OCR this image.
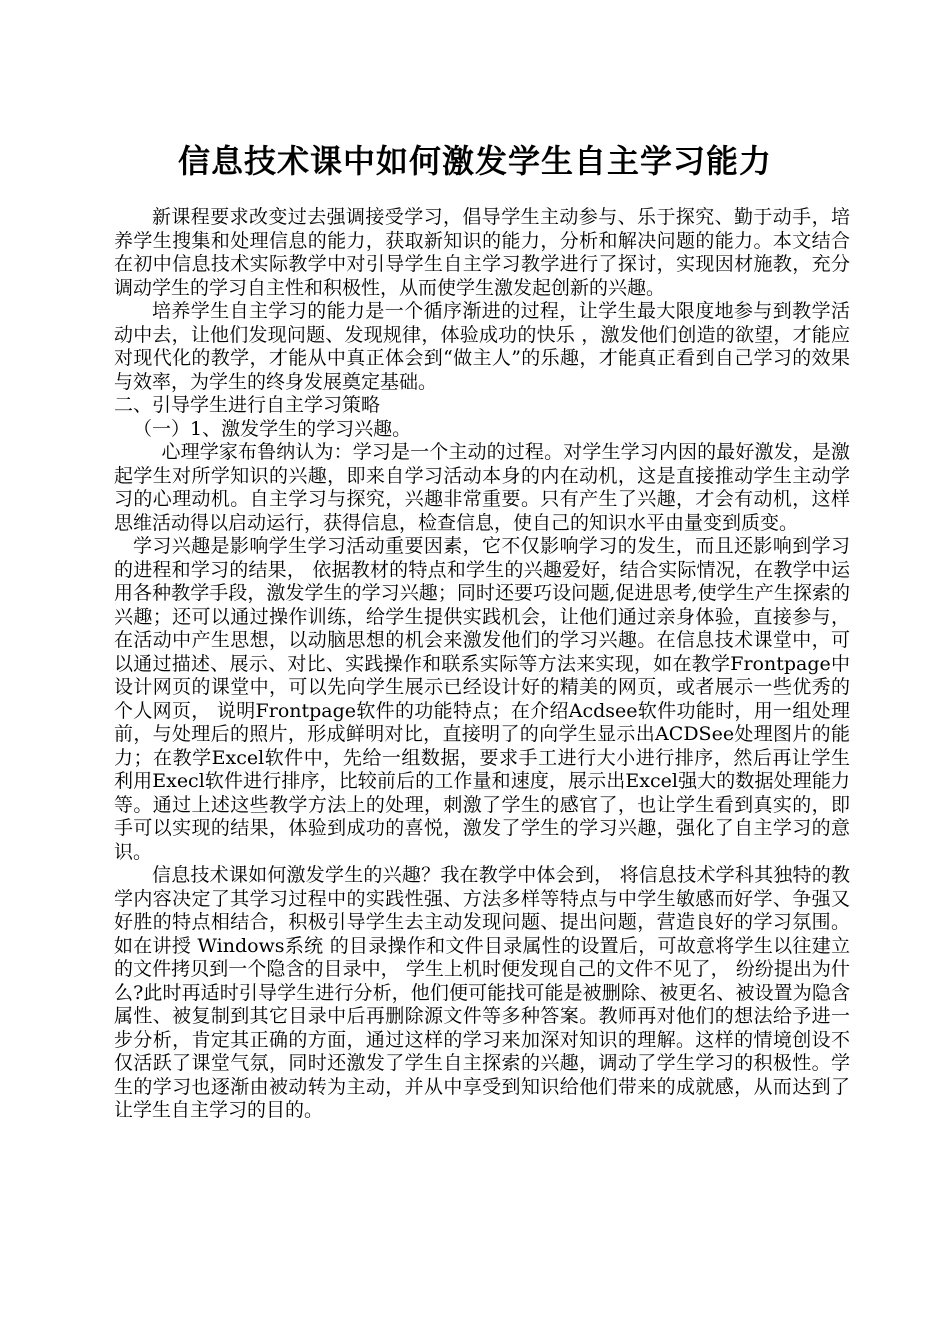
信息技术课中如何激发学生自主学习能力

新课程要求改变过去强调接受学习，倡导学生主动参与、乐于探究、勤于动手，培养学生搜集和处理信息的能力，获取新知识的能力，分析和解决问题的能力。本文结合在初中信息技术实际教学中对引导学生自主学习教学进行了探讨，实现因材施教，充分调动学生的学习自主性和积极性，从而使学生激发起创新的兴趣。

培养学生自主学习的能力是一个循序渐进的过程，让学生最大限度地参与到教学活动中去，让他们发现问题、发现规律，体验成功的快乐 ，激发他们创造的欲望，才能应对现代化的教学，才能从中真正体会到“做主人”的乐趣，才能真正看到自己学习的效果与效率，为学生的终身发展奠定基础。

二、引导学生进行自主学习策略

（一）1、激发学生的学习兴趣。

心理学家布鲁纳认为：学习是一个主动的过程。对学生学习内因的最好激发，是激起学生对所学知识的兴趣，即来自学习活动本身的内在动机，这是直接推动学生主动学习的心理动机。自主学习与探究，兴趣非常重要。只有产生了兴趣，才会有动机，这样思维活动得以启动运行，获得信息，检查信息，使自己的知识水平由量变到质变。

学习兴趣是影响学生学习活动重要因素，它不仅影响学习的发生，而且还影响到学习的进程和学习的结果， 依据教材的特点和学生的兴趣爱好，结合实际情况，在教学中运用各种教学手段，激发学生的学习兴趣；同时还要巧设问题,促进思考,使学生产生探索的兴趣；还可以通过操作训练，给学生提供实践机会，让他们通过亲身体验，直接参与，在活动中产生思想，以动脑思想的机会来激发他们的学习兴趣。在信息技术课堂中，可以通过描述、展示、对比、实践操作和联系实际等方法来实现，如在教学Frontpage中设计网页的课堂中，可以先向学生展示已经设计好的精美的网页，或者展示一些优秀的个人网页， 说明Frontpage软件的功能特点；在介绍Acdsee软件功能时，用一组处理前，与处理后的照片，形成鲜明对比，直接明了的向学生显示出ACDSee处理图片的能力；在教学Excel软件中，先给一组数据，要求手工进行大小进行排序，然后再让学生利用Execl软件进行排序，比较前后的工作量和速度，展示出Excel强大的数据处理能力等。通过上述这些教学方法上的处理，刺激了学生的感官了，也让学生看到真实的，即手可以实现的结果，体验到成功的喜悦，激发了学生的学习兴趣，强化了自主学习的意识。

信息技术课如何激发学生的兴趣？我在教学中体会到， 将信息技术学科其独特的教学内容决定了其学习过程中的实践性强、方法多样等特点与中学生敏感而好学、争强又好胜的特点相结合，积极引导学生去主动发现问题、提出问题，营造良好的学习氛围。如在讲授 Windows系统 的目录操作和文件目录属性的设置后，可故意将学生以往建立的文件拷贝到一个隐含的目录中， 学生上机时便发现自己的文件不见了， 纷纷提出为什么?此时再适时引导学生进行分析，他们便可能找可能是被删除、被更名、被设置为隐含属性、被复制到其它目录中后再删除源文件等多种答案。教师再对他们的想法给予进一步分析，肯定其正确的方面，通过这样的学习来加深对知识的理解。这样的情境创设不仅活跃了课堂气氛，同时还激发了学生自主探索的兴趣，调动了学生学习的积极性。学生的学习也逐渐由被动转为主动，并从中享受到知识给他们带来的成就感，从而达到了让学生自主学习的目的。
